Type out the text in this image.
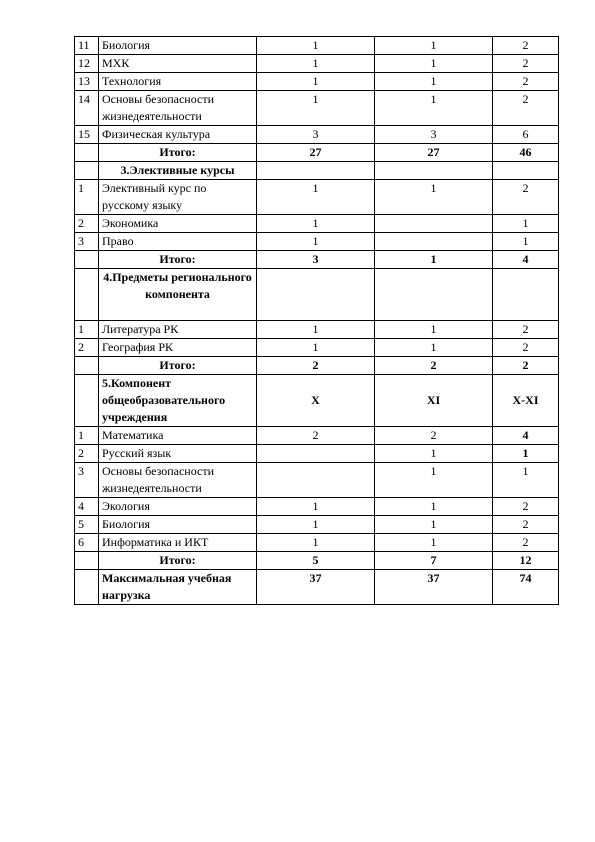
11	Биология	1	1	2
12	МХК	1	1	2
13	Технология	1	1	2
14	Основы безопасности жизнедеятельности	1	1	2
15	Физическая культура	3	3	6
	Итого:	27	27	46
	3.Элективные курсы			
1	Элективный курс по русскому языку	1	1	2
2	Экономика	1		1
3	Право	1		1
	Итого:	3	1	4
	4.Предметы регионального компонента			
1	Литература РК	1	1	2
2	География РК	1	1	2
	Итого:	2	2	2
	5.Компонент общеобразовательного учреждения	X	XI	X-XI
1	Математика	2	2	4
2	Русский язык		1	1
3	Основы безопасности жизнедеятельности		1	1
4	Экология	1	1	2
5	Биология	1	1	2
6	Информатика и ИКТ	1	1	2
	Итого:	5	7	12
	Максимальная учебная нагрузка	37	37	74
